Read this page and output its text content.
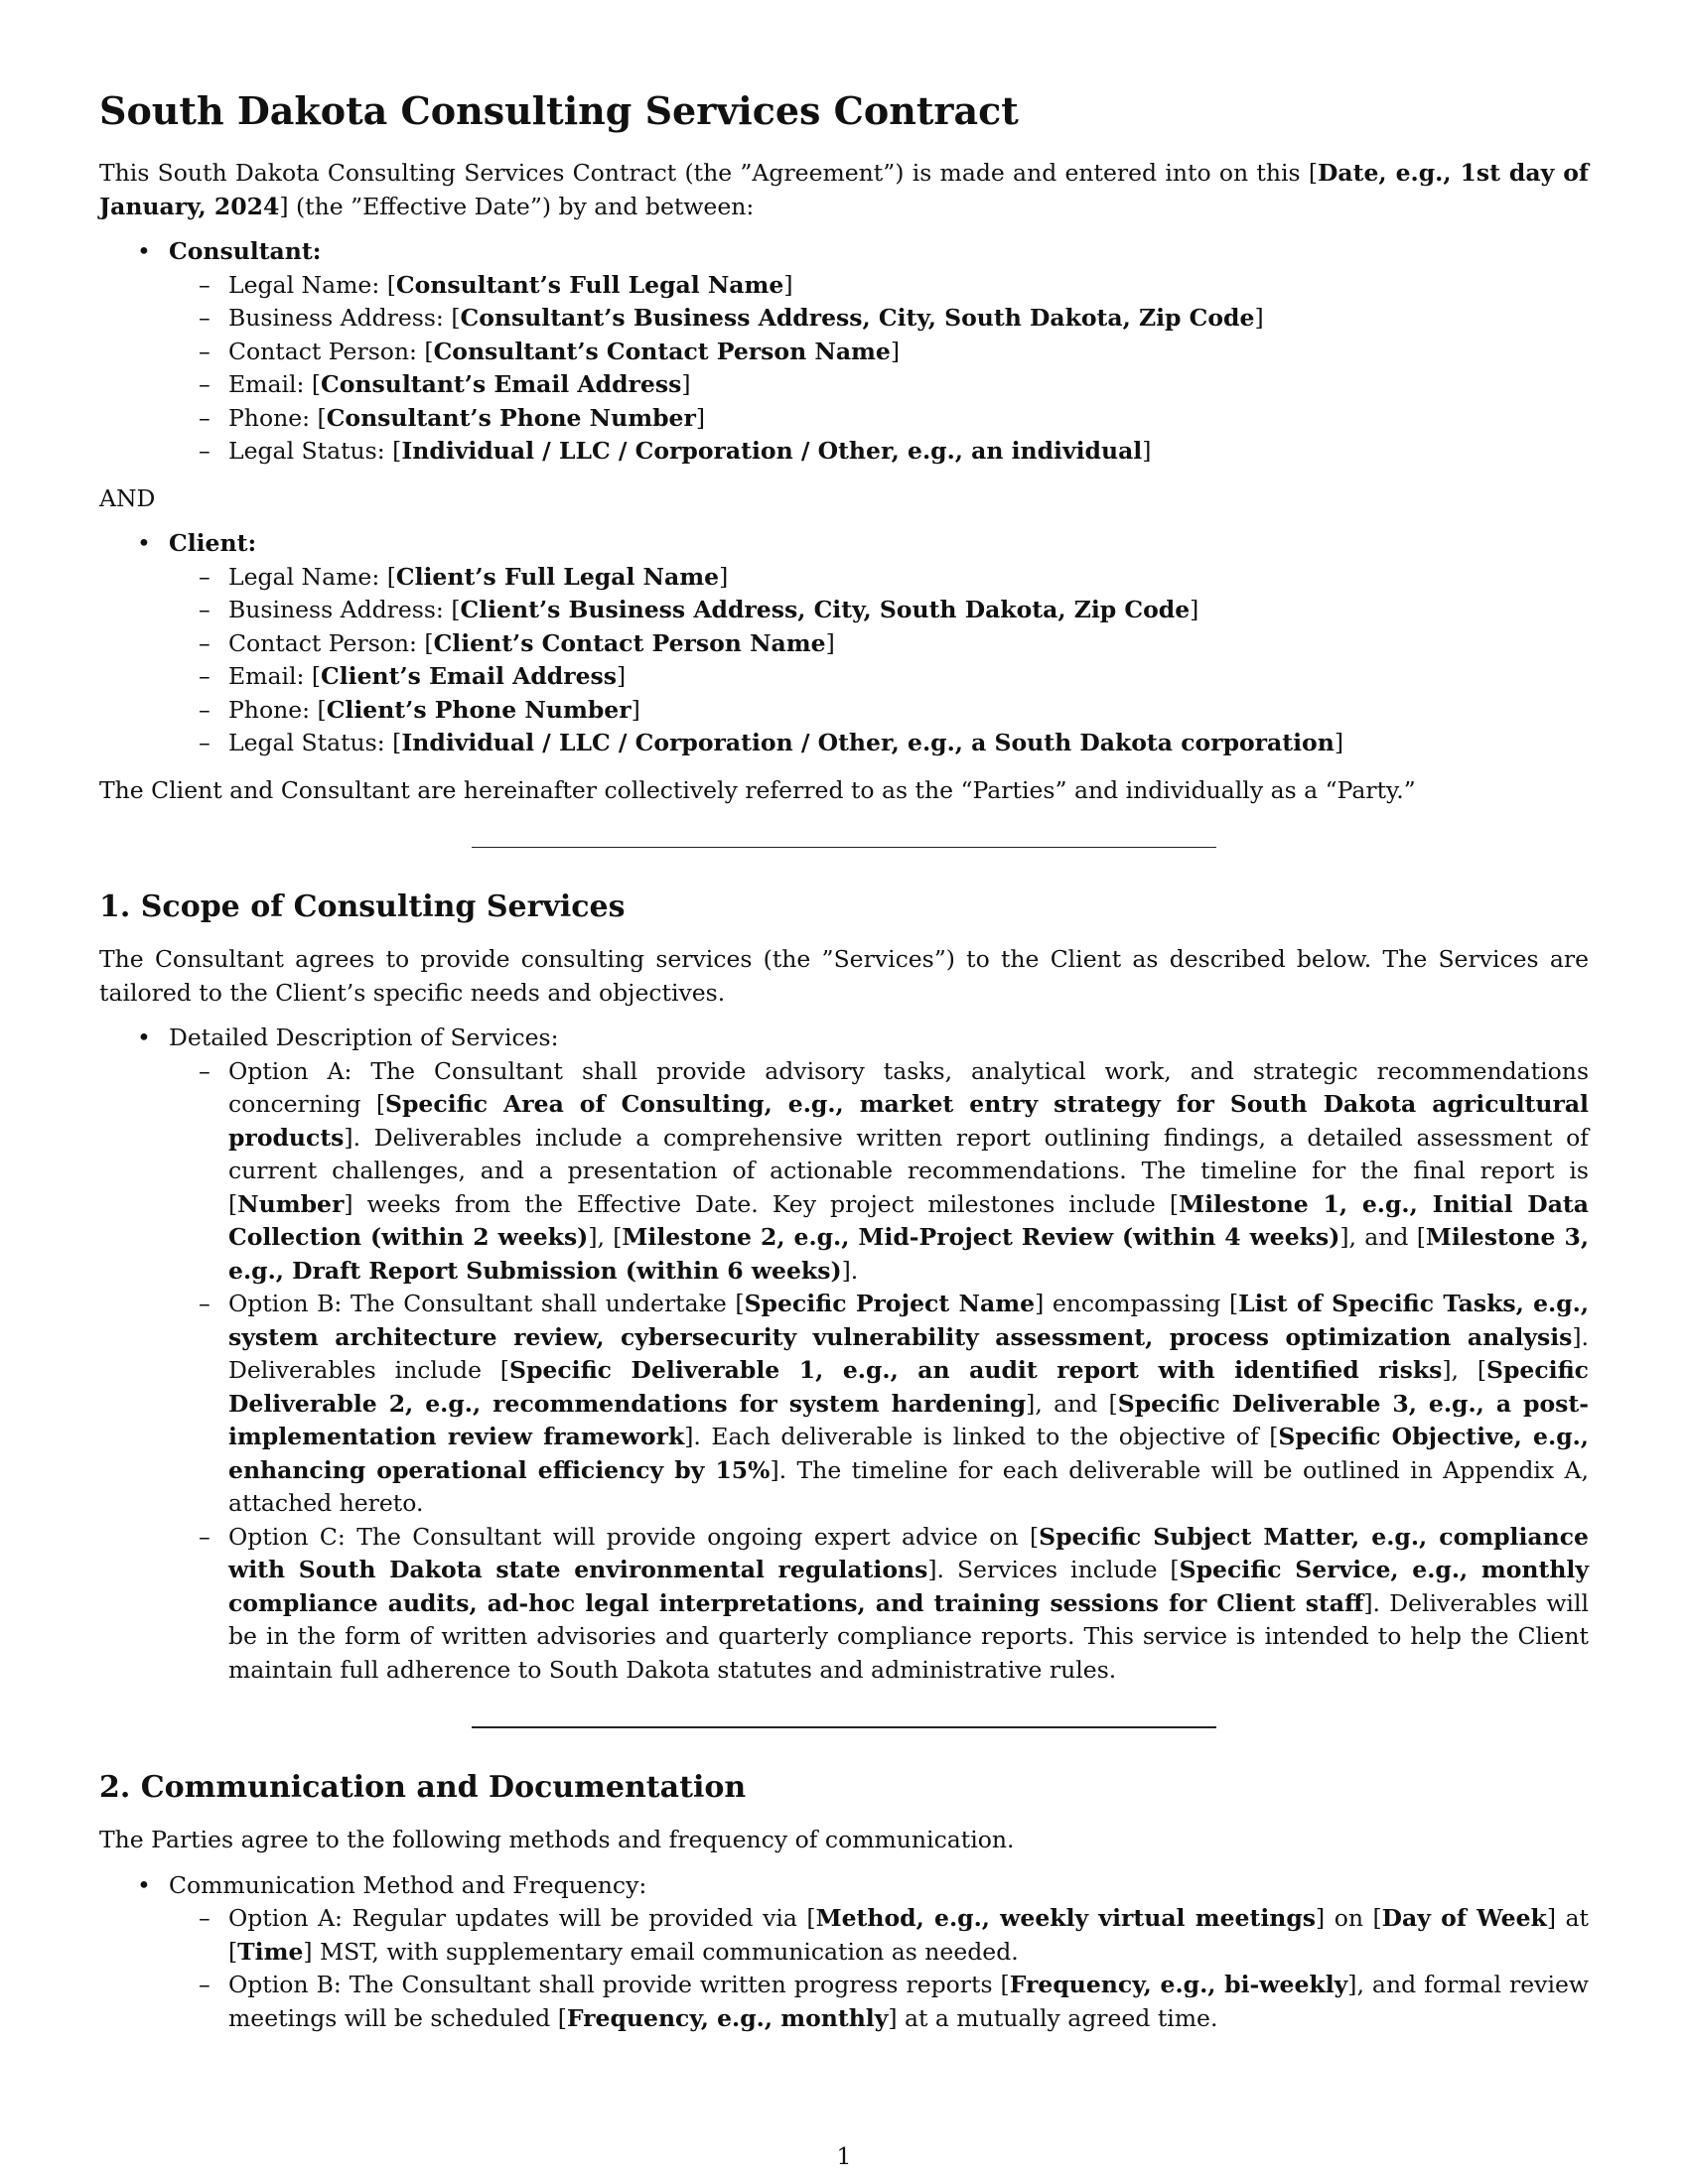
South Dakota Consulting Services Contract

This South Dakota Consulting Services Contract (the ”Agreement”) is made and entered into on this [Date, e.g., 1st day of January, 2024] (the ”Effective Date”) by and between:

• Consultant:
– Legal Name: [Consultant’s Full Legal Name]
– Business Address: [Consultant’s Business Address, City, South Dakota, Zip Code]
– Contact Person: [Consultant’s Contact Person Name]
– Email: [Consultant’s Email Address]
– Phone: [Consultant’s Phone Number]
– Legal Status: [Individual / LLC / Corporation / Other, e.g., an individual]

AND

• Client:
– Legal Name: [Client’s Full Legal Name]
– Business Address: [Client’s Business Address, City, South Dakota, Zip Code]
– Contact Person: [Client’s Contact Person Name]
– Email: [Client’s Email Address]
– Phone: [Client’s Phone Number]
– Legal Status: [Individual / LLC / Corporation / Other, e.g., a South Dakota corporation]

The Client and Consultant are hereinafter collectively referred to as the “Parties” and individually as a “Party.”

1. Scope of Consulting Services

The Consultant agrees to provide consulting services (the ”Services”) to the Client as described below. The Services are tailored to the Client’s specific needs and objectives.

• Detailed Description of Services:
– Option A: The Consultant shall provide advisory tasks, analytical work, and strategic recommendations concerning [Specific Area of Consulting, e.g., market entry strategy for South Dakota agricultural products]. Deliverables include a comprehensive written report outlining findings, a detailed assessment of current challenges, and a presentation of actionable recommendations. The timeline for the final report is [Number] weeks from the Effective Date. Key project milestones include [Milestone 1, e.g., Initial Data Collection (within 2 weeks)], [Milestone 2, e.g., Mid-Project Review (within 4 weeks)], and [Milestone 3, e.g., Draft Report Submission (within 6 weeks)].
– Option B: The Consultant shall undertake [Specific Project Name] encompassing [List of Specific Tasks, e.g., system architecture review, cybersecurity vulnerability assessment, process optimization analysis]. Deliverables include [Specific Deliverable 1, e.g., an audit report with identified risks], [Specific Deliverable 2, e.g., recommendations for system hardening], and [Specific Deliverable 3, e.g., a post-implementation review framework]. Each deliverable is linked to the objective of [Specific Objective, e.g., enhancing operational efficiency by 15%]. The timeline for each deliverable will be outlined in Appendix A, attached hereto.
– Option C: The Consultant will provide ongoing expert advice on [Specific Subject Matter, e.g., compliance with South Dakota state environmental regulations]. Services include [Specific Service, e.g., monthly compliance audits, ad-hoc legal interpretations, and training sessions for Client staff]. Deliverables will be in the form of written advisories and quarterly compliance reports. This service is intended to help the Client maintain full adherence to South Dakota statutes and administrative rules.
2. Communication and Documentation

The Parties agree to the following methods and frequency of communication.

• Communication Method and Frequency:
– Option A: Regular updates will be provided via [Method, e.g., weekly virtual meetings] on [Day of Week] at [Time] MST, with supplementary email communication as needed.
– Option B: The Consultant shall provide written progress reports [Frequency, e.g., bi-weekly], and formal review meetings will be scheduled [Frequency, e.g., monthly] at a mutually agreed time.
1
